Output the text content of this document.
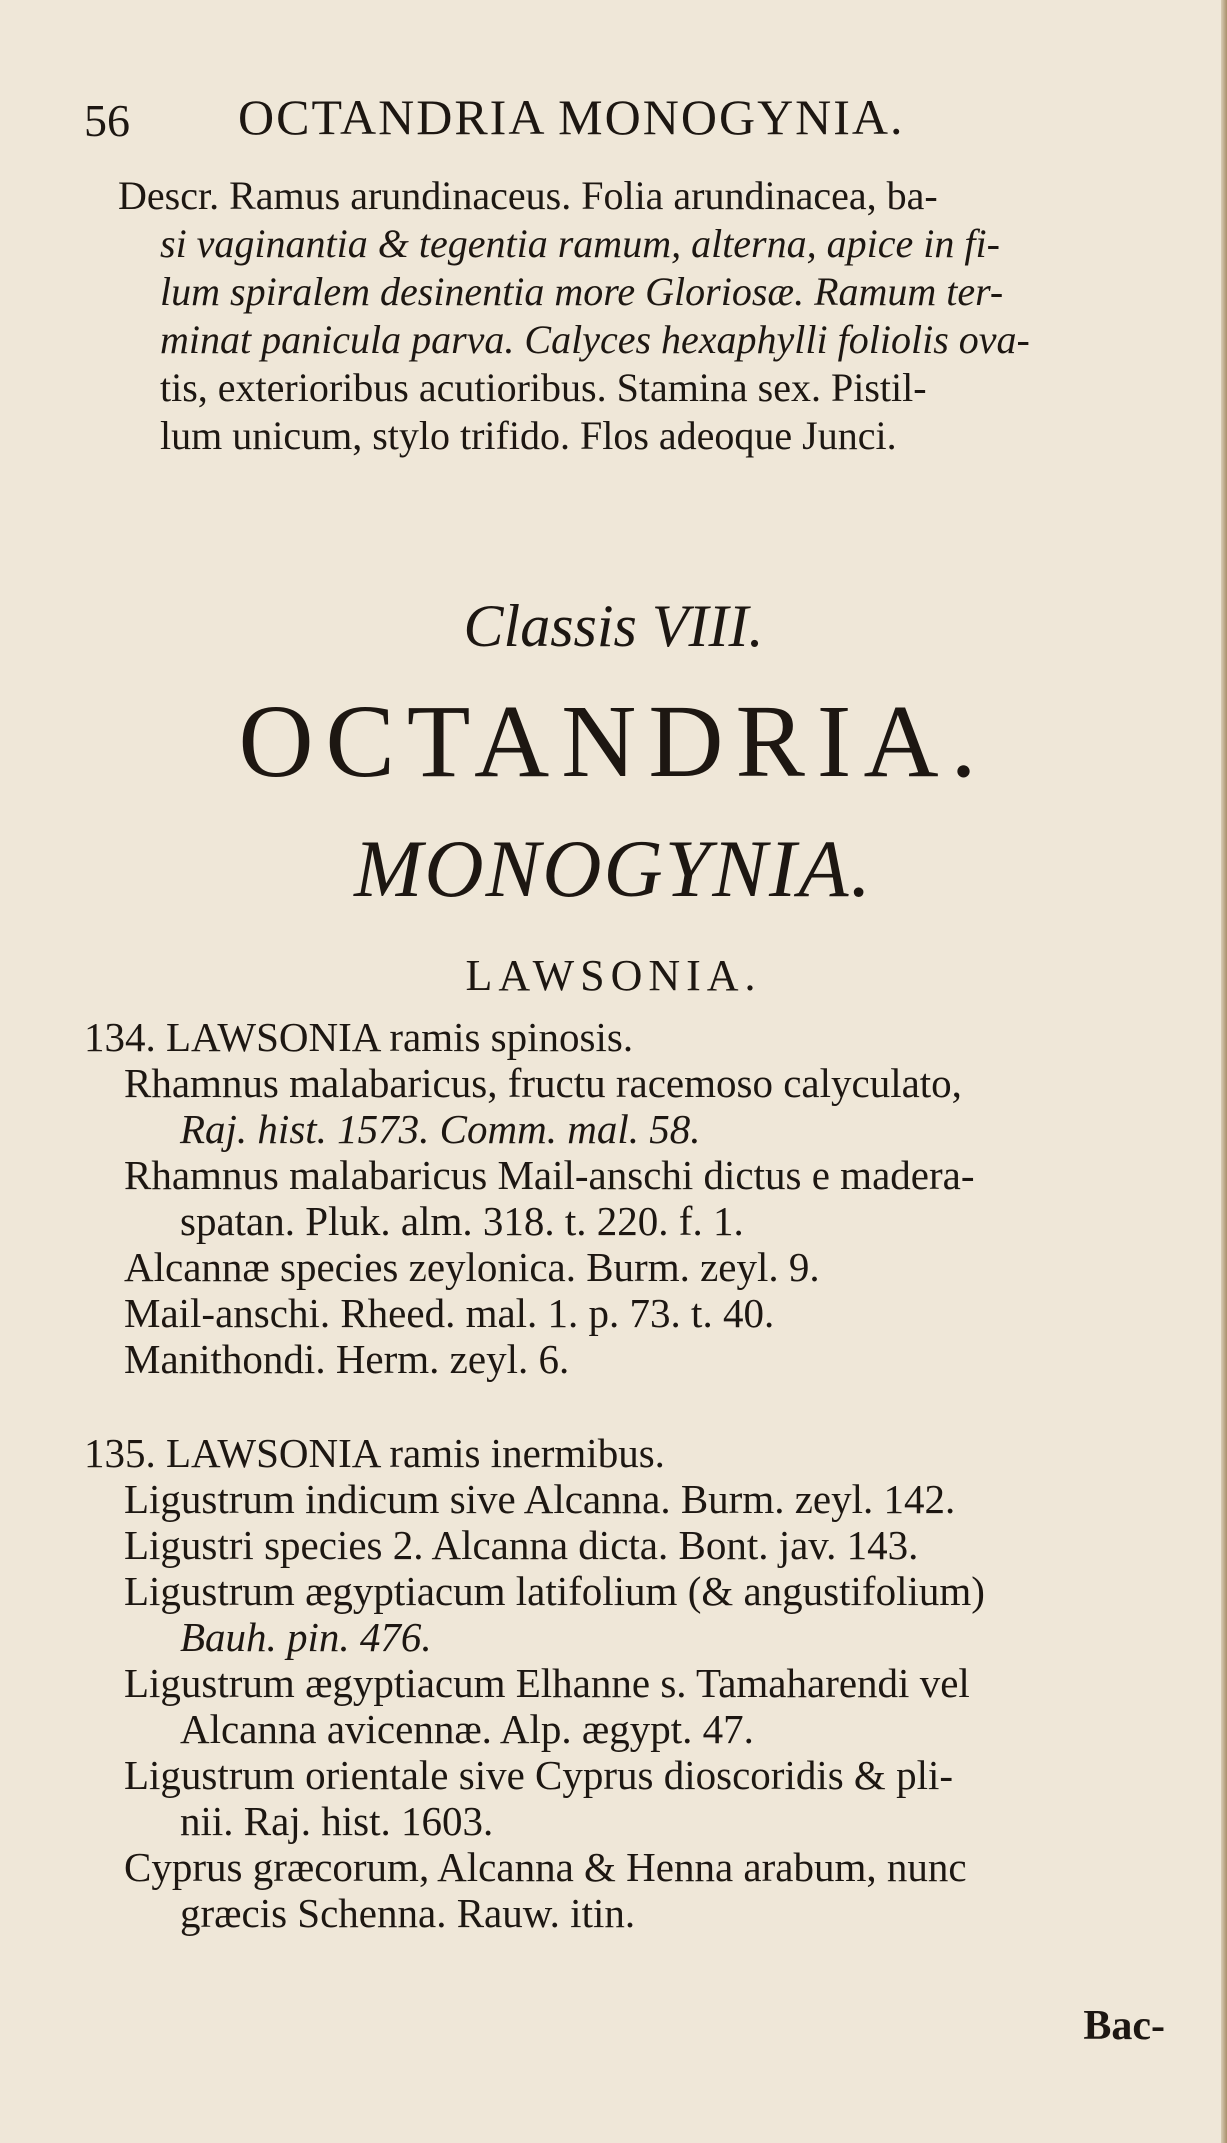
56 OCTANDRIA MONOGYNIA.
Descr. Ramus arundinaceus. Folia arundinacea, ba-
si vaginantia & tegentia ramum, alterna, apice in fi-
lum spiralem desinentia more Gloriosæ. Ramum ter-
minat panicula parva. Calyces hexaphylli foliolis ova-
tis, exterioribus acutioribus. Stamina sex. Pistil-
lum unicum, stylo trifido. Flos adeoque Junci.
Classis VIII.
OCTANDRIA.
MONOGYNIA.
LAWSONIA.
134. LAWSONIA ramis spinosis.
Rhamnus malabaricus, fructu racemoso calyculato,
Raj. hist. 1573. Comm. mal. 58.
Rhamnus malabaricus Mail-anschi dictus e madera-
spatan. Pluk. alm. 318. t. 220. f. 1.
Alcannæ species zeylonica. Burm. zeyl. 9.
Mail-anschi. Rheed. mal. 1. p. 73. t. 40.
Manithondi. Herm. zeyl. 6.
135. LAWSONIA ramis inermibus.
Ligustrum indicum sive Alcanna. Burm. zeyl. 142.
Ligustri species 2. Alcanna dicta. Bont. jav. 143.
Ligustrum ægyptiacum latifolium (& angustifolium)
Bauh. pin. 476.
Ligustrum ægyptiacum Elhanne s. Tamaharendi vel
Alcanna avicennæ. Alp. ægypt. 47.
Ligustrum orientale sive Cyprus dioscoridis & pli-
nii. Raj. hist. 1603.
Cyprus græcorum, Alcanna & Henna arabum, nunc
græcis Schenna. Rauw. itin.
Bac-
